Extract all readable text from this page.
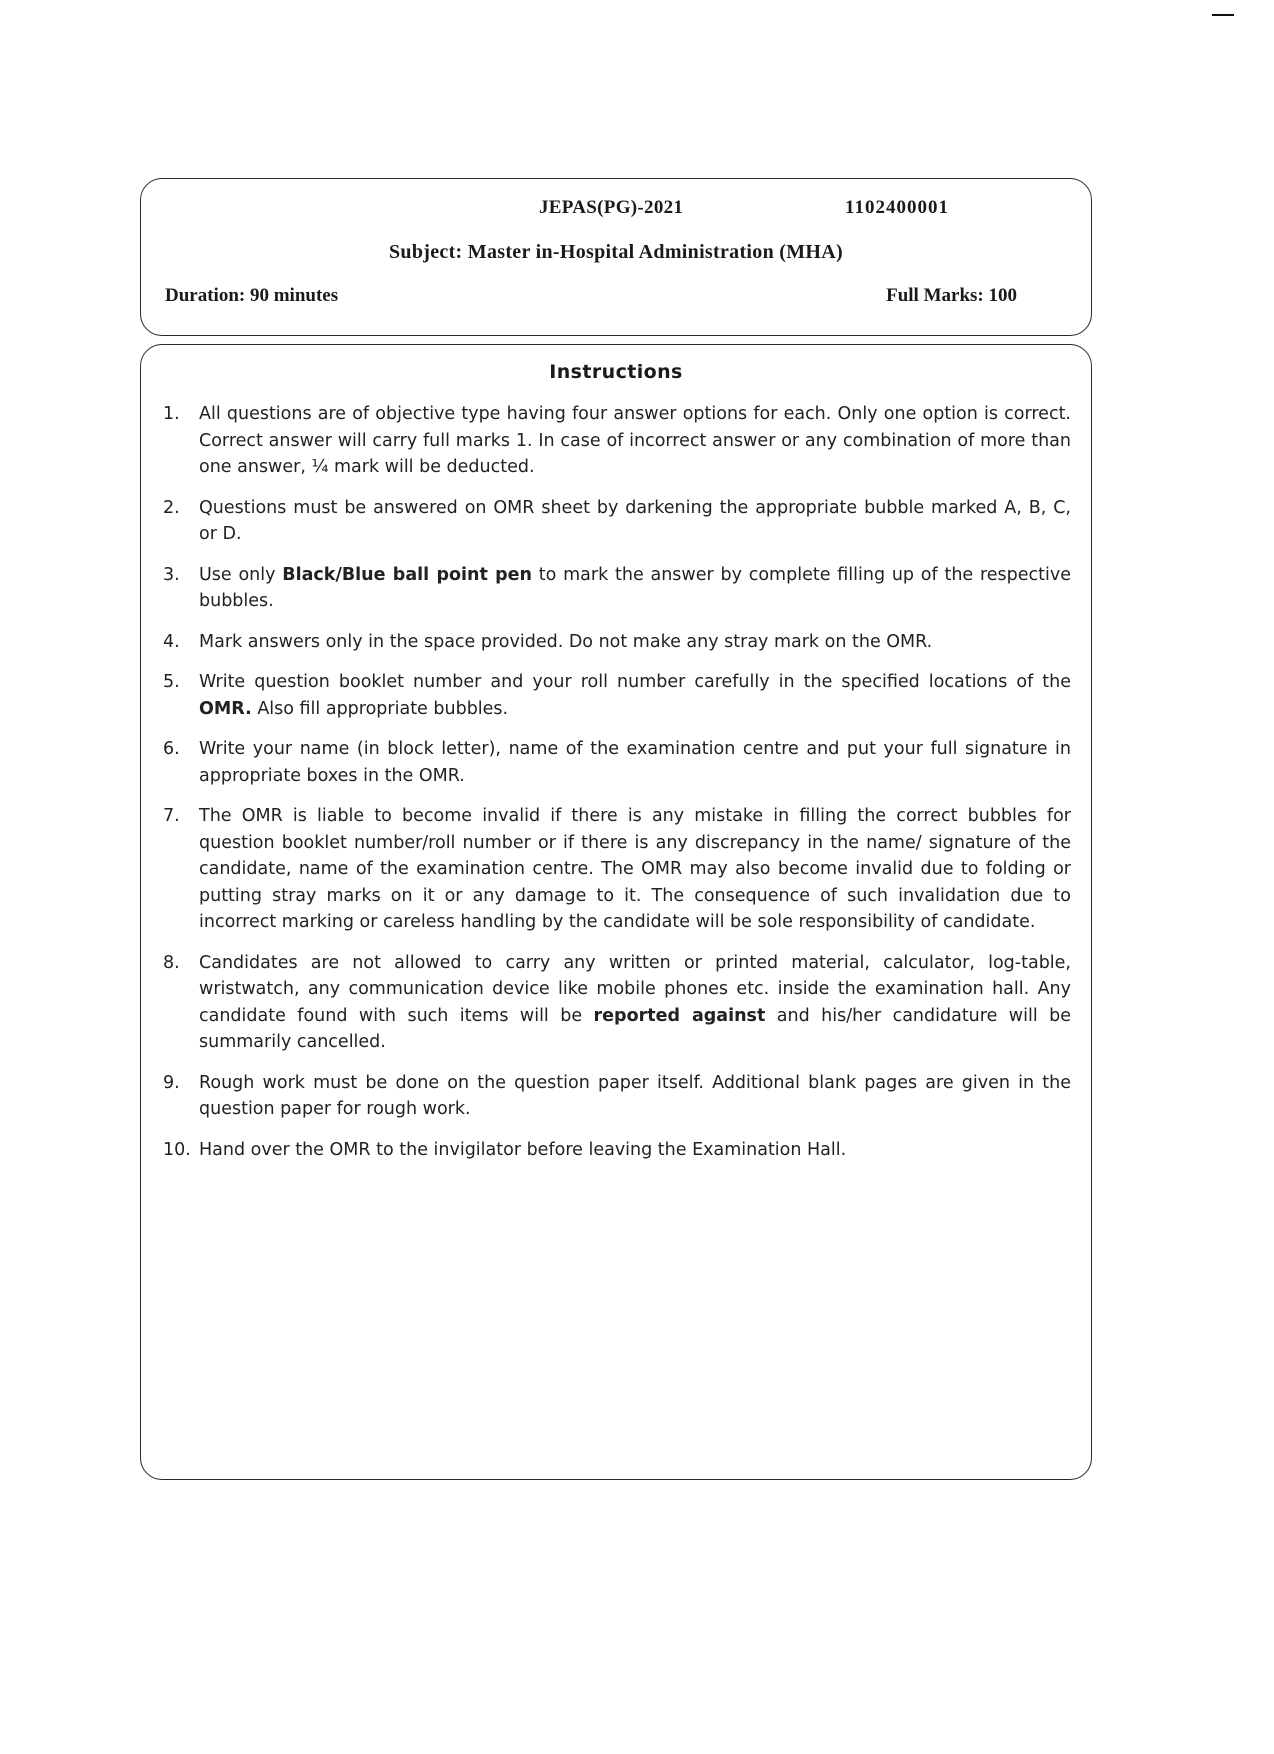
JEPAS(PG)-2021	1102400001
Subject: Master in-Hospital Administration (MHA)
Duration: 90 minutes	Full Marks: 100
Instructions
1.	All questions are of objective type having four answer options for each. Only one option is correct. Correct answer will carry full marks 1. In case of incorrect answer or any combination of more than one answer, ¼ mark will be deducted.
2.	Questions must be answered on OMR sheet by darkening the appropriate bubble marked A, B, C, or D.
3.	Use only Black/Blue ball point pen to mark the answer by complete filling up of the respective bubbles.
4.	Mark answers only in the space provided. Do not make any stray mark on the OMR.
5.	Write question booklet number and your roll number carefully in the specified locations of the OMR. Also fill appropriate bubbles.
6.	Write your name (in block letter), name of the examination centre and put your full signature in appropriate boxes in the OMR.
7.	The OMR is liable to become invalid if there is any mistake in filling the correct bubbles for question booklet number/roll number or if there is any discrepancy in the name/ signature of the candidate, name of the examination centre. The OMR may also become invalid due to folding or putting stray marks on it or any damage to it. The consequence of such invalidation due to incorrect marking or careless handling by the candidate will be sole responsibility of candidate.
8.	Candidates are not allowed to carry any written or printed material, calculator, log-table, wristwatch, any communication device like mobile phones etc. inside the examination hall. Any candidate found with such items will be reported against and his/her candidature will be summarily cancelled.
9.	Rough work must be done on the question paper itself. Additional blank pages are given in the question paper for rough work.
10. Hand over the OMR to the invigilator before leaving the Examination Hall.
